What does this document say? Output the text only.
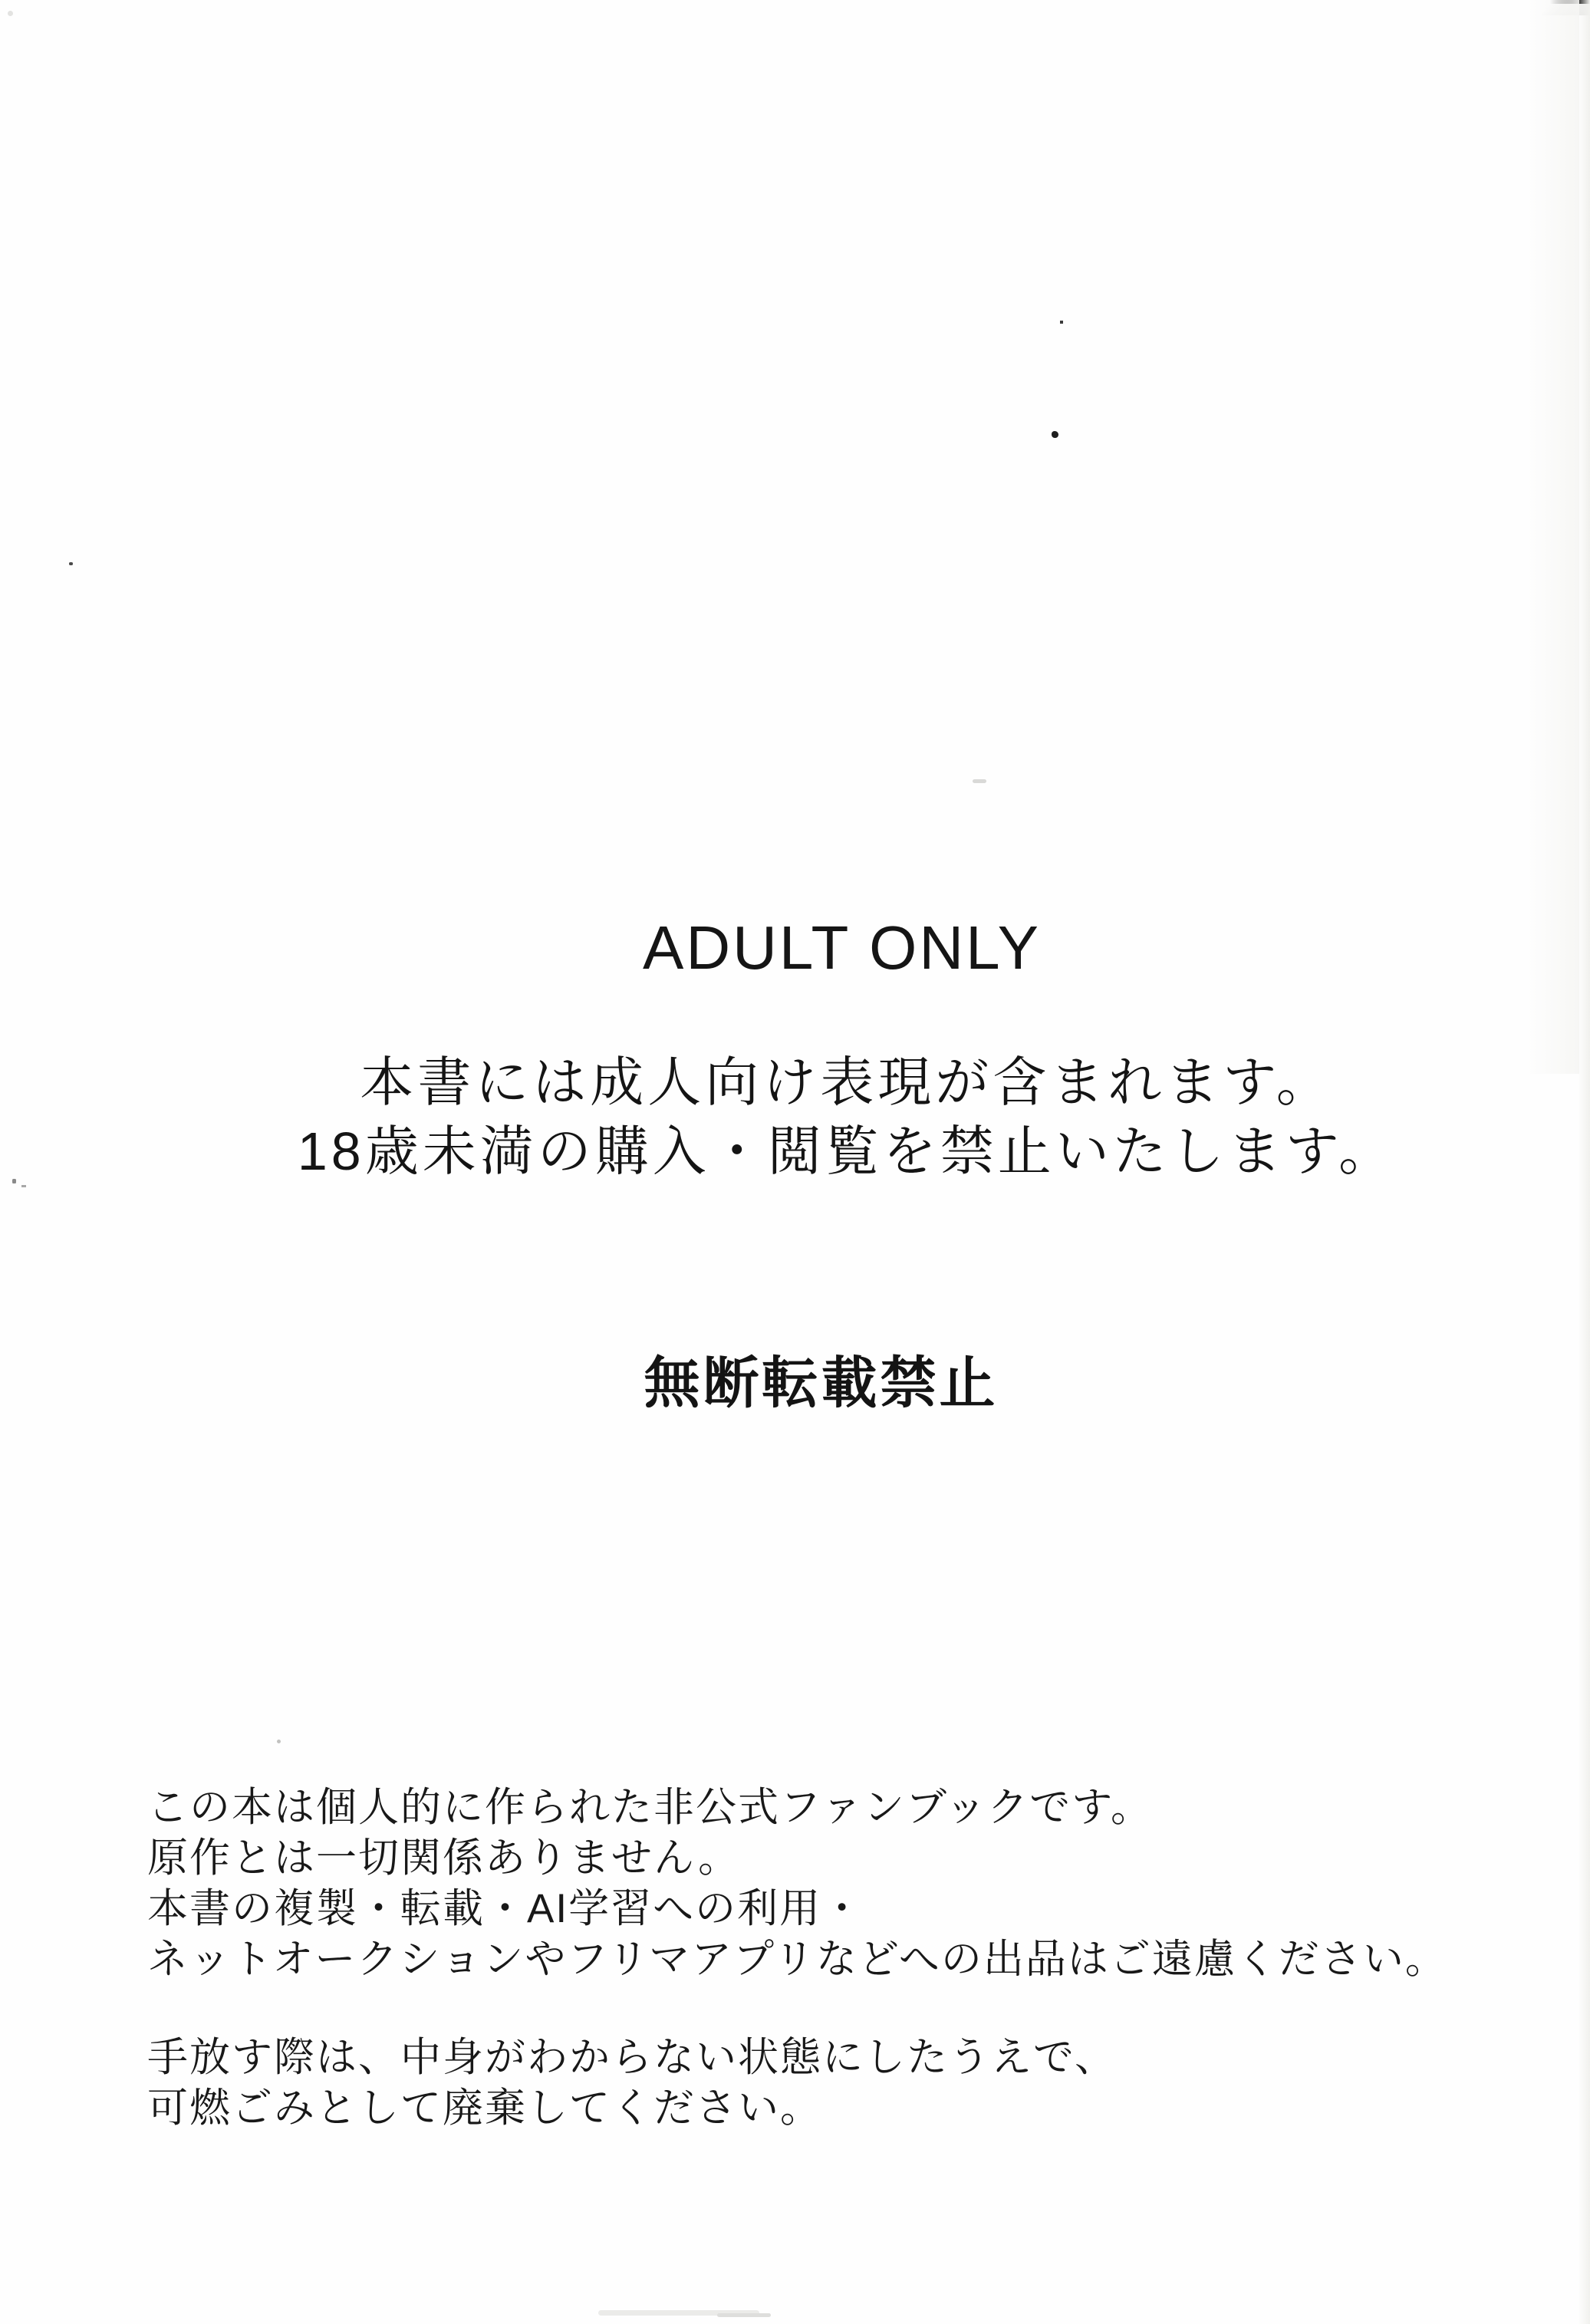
ADULT ONLY
本書には成人向け表現が含まれます。
18歳未満の購入・閲覧を禁止いたします。
無断転載禁止
この本は個人的に作られた非公式ファンブックです。
原作とは一切関係ありません。
本書の複製・転載・AI学習への利用・
ネットオークションやフリマアプリなどへの出品はご遠慮ください。
手放す際は、中身がわからない状態にしたうえで、
可燃ごみとして廃棄してください。
